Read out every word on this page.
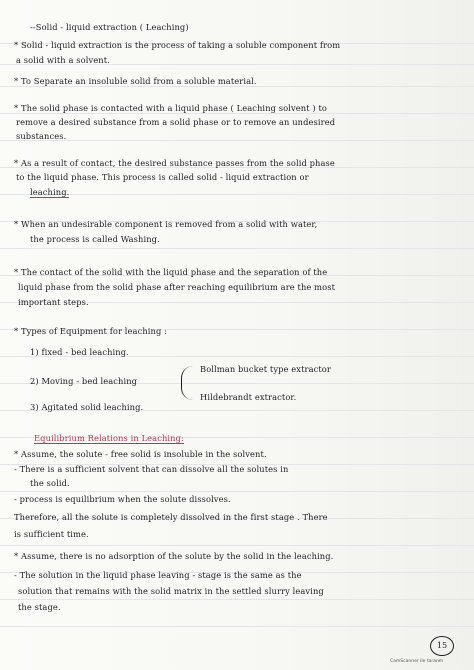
--Solid - liquid extraction ( Leaching)
* Solid - liquid extraction is the process of taking a soluble component from
a solid with a solvent.
* To Separate an insoluble solid from a soluble material.
* The solid phase is contacted with a liquid phase ( Leaching solvent ) to
remove a desired substance from a solid phase or to remove an undesired
substances.
* As a result of contact, the desired substance passes from the solid phase
to the liquid phase. This process is called solid - liquid extraction or
leaching.
* When an undesirable component is removed from a solid with water,
the process is called Washing.
* The contact of the solid with the liquid phase and the separation of the
liquid phase from the solid phase after reaching equilibrium are the most
important steps.
* Types of Equipment for leaching :
1) fixed - bed leaching.
2) Moving - bed leaching
Bollman bucket type extractor
Hildebrandt extractor.
3) Agitated solid leaching.
Equilibrium Relations in Leaching:
* Assume, the solute - free solid is insoluble in the solvent.
- There is a sufficient solvent that can dissolve all the solutes in
the solid.
- process is equilibrium when the solute dissolves.
Therefore, all the solute is completely dissolved in the first stage . There
is sufficient time.
* Assume, there is no adsorption of the solute by the solid in the leaching.
- The solution in the liquid phase leaving - stage is the same as the
solution that remains with the solid matrix in the settled slurry leaving
the stage.
15
CamScanner ile taranm
